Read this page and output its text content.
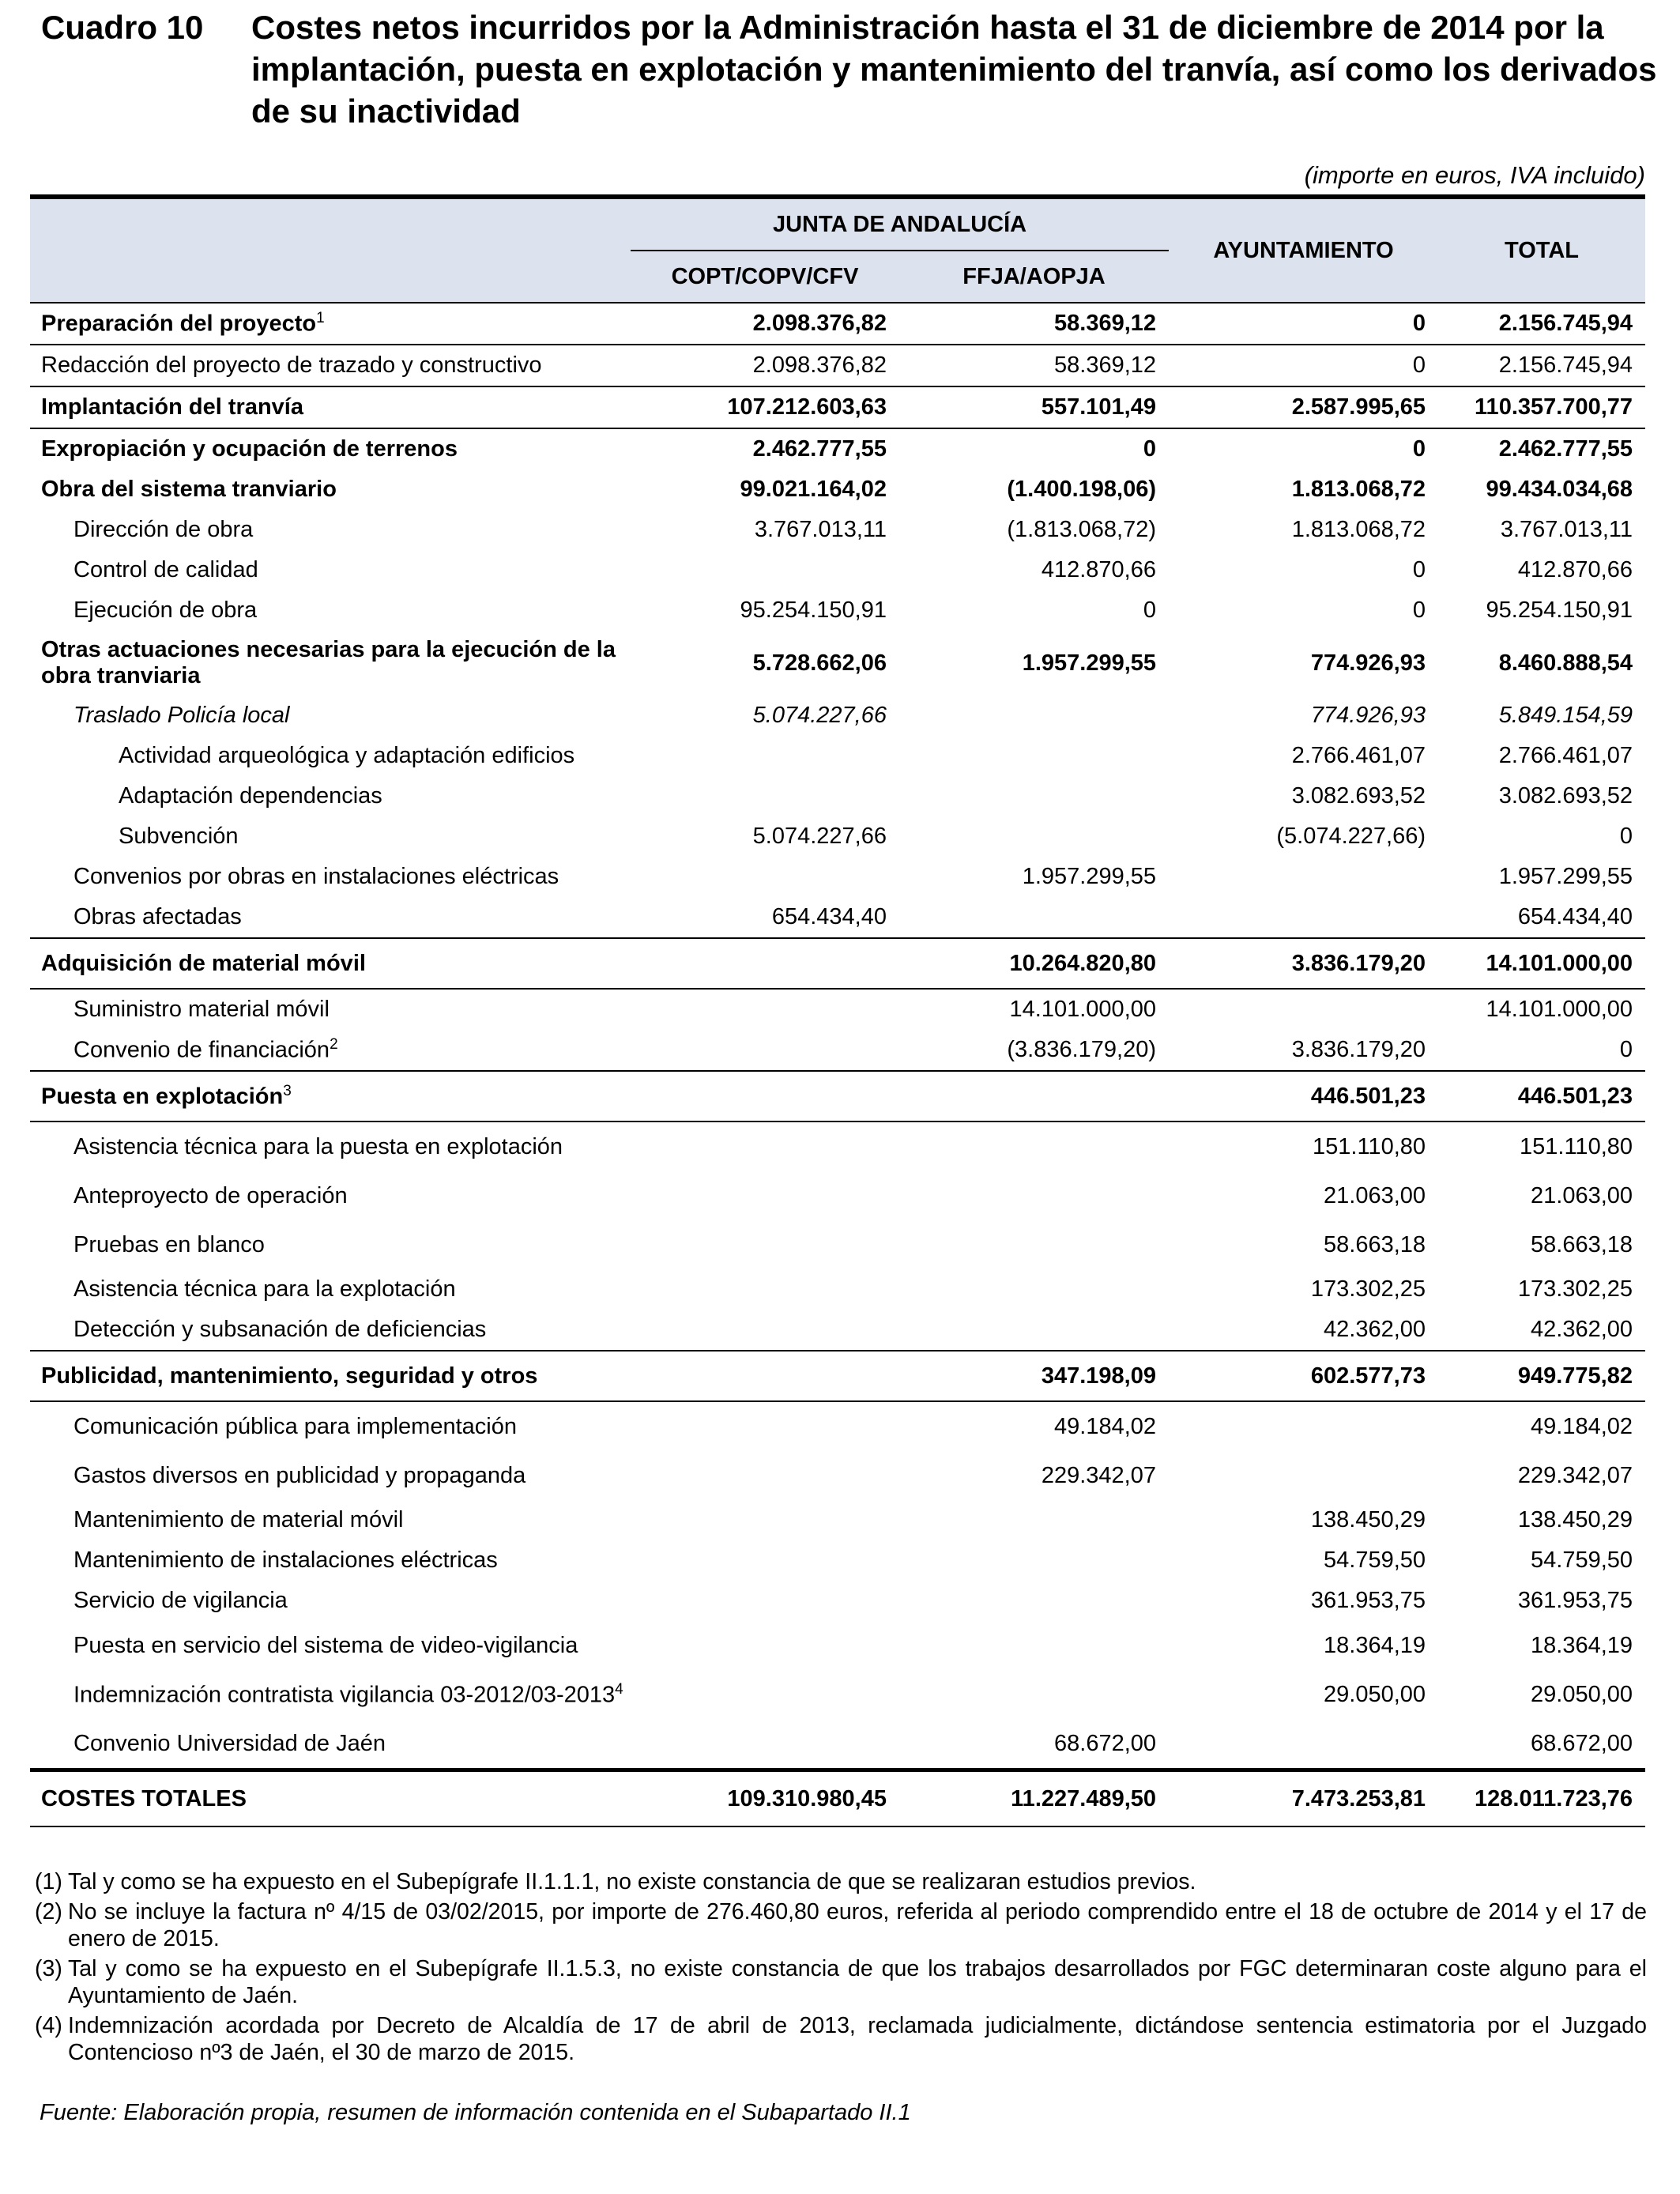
Cuadro 10 Costes netos incurridos por la Administración hasta el 31 de diciembre de 2014 por la implantación, puesta en explotación y mantenimiento del tranvía, así como los derivados de su inactividad
(importe en euros, IVA incluido)

	JUNTA DE ANDALUCÍA		AYUNTAMIENTO	TOTAL
	COPT/COPV/CFV	FFJA/AOPJA		
Preparación del proyecto$^1$	2.098.376,82	58.369,12	0	2.156.745,94
Redacción del proyecto de trazado y constructivo	2.098.376,82	58.369,12	0	2.156.745,94
Implantación del tranvía	107.212.603,63	557.101,49	2.587.995,65	110.357.700,77
Expropiación y ocupación de terrenos	2.462.777,55	0	0	2.462.777,55
Obra del sistema tranviario	99.021.164,02	(1.400.198,06)	1.813.068,72	99.434.034,68
Dirección de obra	3.767.013,11	(1.813.068,72)	1.813.068,72	3.767.013,11
Control de calidad		412.870,66	0	412.870,66
Ejecución de obra	95.254.150,91	0	0	95.254.150,91
Otras actuaciones necesarias para la ejecución de la obra tranviaria	5.728.662,06	1.957.299,55	774.926,93	8.460.888,54
Traslado Policía local	5.074.227,66		774.926,93	5.849.154,59
Actividad arqueológica y adaptación edificios			2.766.461,07	2.766.461,07
Adaptación dependencias			3.082.693,52	3.082.693,52
Subvención	5.074.227,66		(5.074.227,66)	0
Convenios por obras en instalaciones eléctricas		1.957.299,55		1.957.299,55
Obras afectadas	654.434,40			654.434,40
Adquisición de material móvil		10.264.820,80	3.836.179,20	14.101.000,00
Suministro material móvil		14.101.000,00		14.101.000,00
Convenio de financiación$^2$		(3.836.179,20)	3.836.179,20	0
Puesta en explotación$^3$			446.501,23	446.501,23
Asistencia técnica para la puesta en explotación			151.110,80	151.110,80
Anteproyecto de operación			21.063,00	21.063,00
Pruebas en blanco			58.663,18	58.663,18
Asistencia técnica para la explotación			173.302,25	173.302,25
Detección y subsanación de deficiencias			42.362,00	42.362,00
Publicidad, mantenimiento, seguridad y otros		347.198,09	602.577,73	949.775,82
Comunicación pública para implementación		49.184,02		49.184,02
Gastos diversos en publicidad y propaganda		229.342,07		229.342,07
Mantenimiento de material móvil			138.450,29	138.450,29
Mantenimiento de instalaciones eléctricas			54.759,50	54.759,50
Servicio de vigilancia			361.953,75	361.953,75
Puesta en servicio del sistema de video-vigilancia			18.364,19	18.364,19
Indemnización contratista vigilancia 03-2012/03-2013$^4$			29.050,00	29.050,00
Convenio Universidad de Jaén		68.672,00		68.672,00
COSTES TOTALES	109.310.980,45	11.227.489,50	7.473.253,81	128.011.723,76
(1) Tal y como se ha expuesto en el Subepígrafe II.1.1.1, no existe constancia de que se realizaran estudios previos.
(2) No se incluye la factura nº 4/15 de 03/02/2015, por importe de 276.460,80 euros, referida al periodo comprendido entre el 18 de octubre de 2014 y el 17 de enero de 2015.
(3) Tal y como se ha expuesto en el Subepígrafe II.1.5.3, no existe constancia de que los trabajos desarrollados por FGC determinaran coste alguno para el Ayuntamiento de Jaén.
(4) Indemnización acordada por Decreto de Alcaldía de 17 de abril de 2013, reclamada judicialmente, dictándose sentencia estimatoria por el Juzgado Contencioso nº3 de Jaén, el 30 de marzo de 2015.
Fuente: Elaboración propia, resumen de información contenida en el Subapartado II.1
